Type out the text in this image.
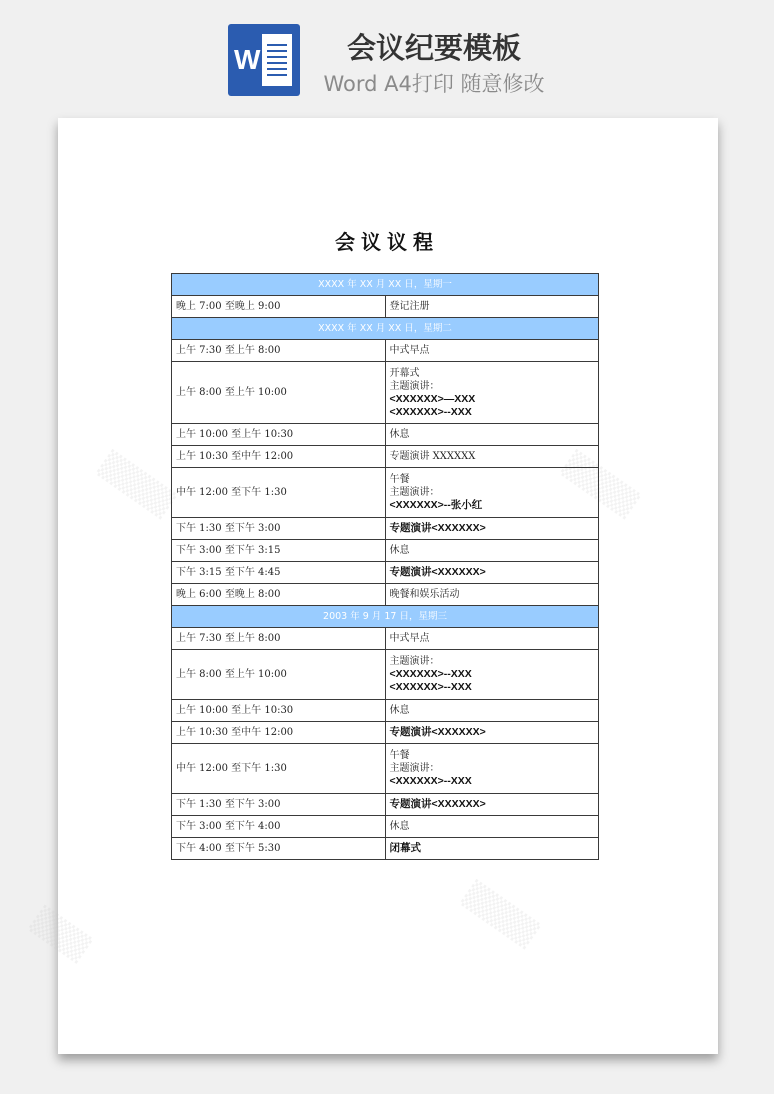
W	会议纪要模板
Word A4打印 随意修改
▒▒▒▒	▒▒▒▒
▒▒▒	▒▒▒▒
会议议程
XXXX 年 XX 月 XX 日，星期一	
晚上 7:00 至晚上 9:00	登记注册

XXXX 年 XX 月 XX 日，星期二	
上午 7:30 至上午 8:00	中式早点

上午 8:00 至上午 10:00	开幕式
主题演讲：
<XXXXXX>—XXX
<XXXXXX>--XXX

上午 10:00 至上午 10:30	休息

上午 10:30 至中午 12:00	专题演讲 XXXXXX

中午 12:00 至下午 1:30	午餐
主题演讲：
<XXXXXX>--张小红

下午 1:30 至下午 3:00	专题演讲<XXXXXX>

下午 3:00 至下午 3:15	休息

下午 3:15 至下午 4:45	专题演讲<XXXXXX>

晚上 6:00 至晚上 8:00	晚餐和娱乐活动

2003 年 9 月 17 日，星期三	
上午 7:30 至上午 8:00	中式早点

上午 8:00 至上午 10:00	主题演讲：
<XXXXXX>--XXX
<XXXXXX>--XXX

上午 10:00 至上午 10:30	休息

上午 10:30 至中午 12:00	专题演讲<XXXXXX>

中午 12:00 至下午 1:30	午餐
主题演讲：
<XXXXXX>--XXX

下午 1:30 至下午 3:00	专题演讲<XXXXXX>

下午 3:00 至下午 4:00	休息

下午 4:00 至下午 5:30	闭幕式
